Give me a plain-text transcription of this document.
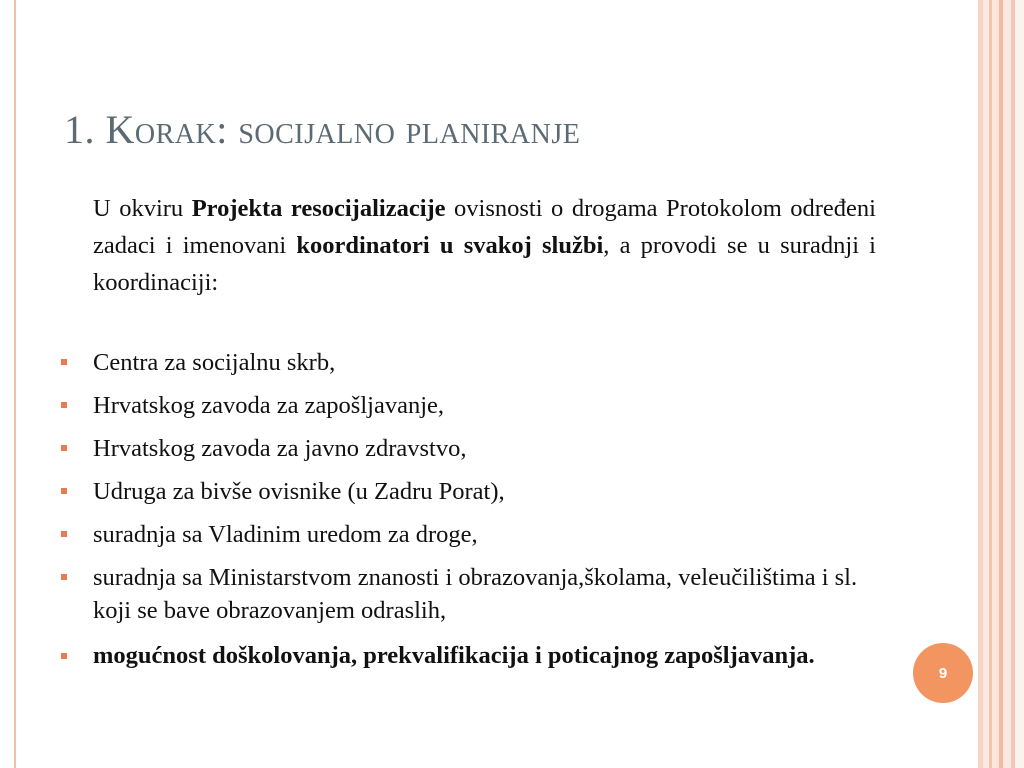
1. Korak: socijalno planiranje
U okviru Projekta resocijalizacije ovisnosti o drogama Protokolom određeni zadaci i imenovani koordinatori u svakoj službi, a provodi se u suradnji i koordinaciji:
Centra za socijalnu skrb,
Hrvatskog zavoda za zapošljavanje,
Hrvatskog zavoda za javno zdravstvo,
Udruga za bivše ovisnike (u Zadru Porat),
suradnja sa Vladinim uredom za droge,
suradnja sa Ministarstvom znanosti i obrazovanja,školama, veleučilištima i sl. koji se bave obrazovanjem odraslih,
mogućnost doškolovanja, prekvalifikacija i poticajnog zapošljavanja.
9
